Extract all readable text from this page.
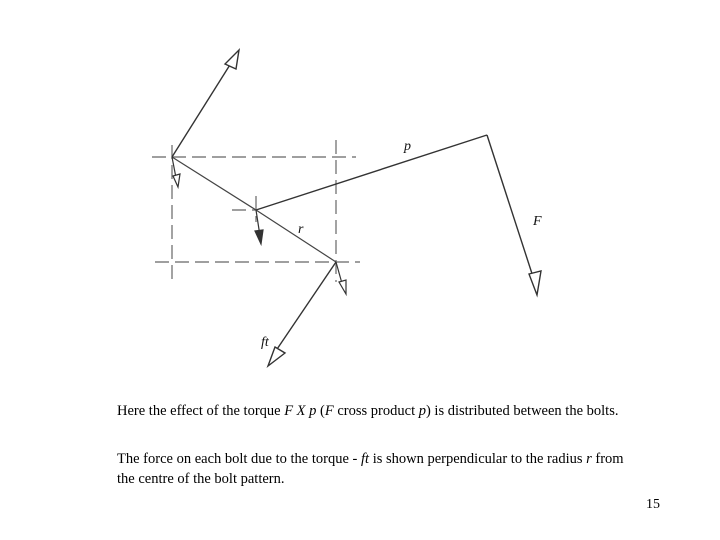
p
r
F
ft

Here the effect of the torque F X p (F cross product p) is distributed between the bolts.

The force on each bolt due to the torque - ft is shown perpendicular to the radius r from the centre of the bolt pattern.

15
